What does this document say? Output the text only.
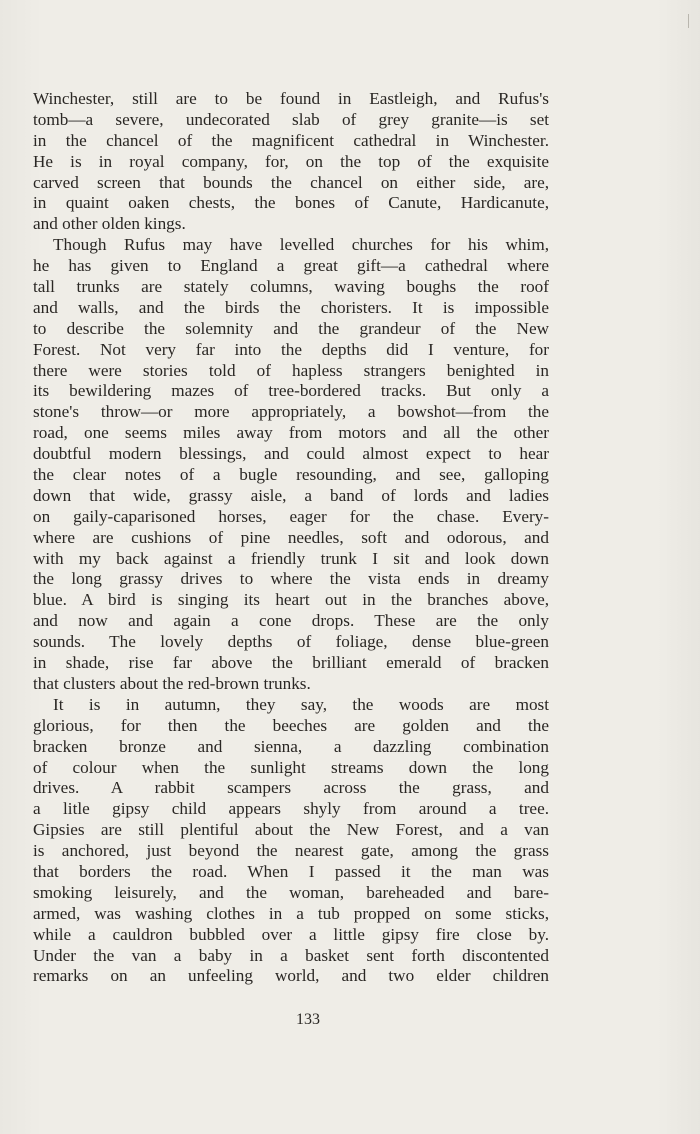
Winchester, still are to be found in Eastleigh, and Rufus's
tomb—a severe, undecorated slab of grey granite—is set
in the chancel of the magnificent cathedral in Winchester.
He is in royal company, for, on the top of the exquisite
carved screen that bounds the chancel on either side, are,
in quaint oaken chests, the bones of Canute, Hardicanute,
and other olden kings.
Though Rufus may have levelled churches for his whim,
he has given to England a great gift—a cathedral where
tall trunks are stately columns, waving boughs the roof
and walls, and the birds the choristers. It is impossible
to describe the solemnity and the grandeur of the New
Forest. Not very far into the depths did I venture, for
there were stories told of hapless strangers benighted in
its bewildering mazes of tree-bordered tracks. But only a
stone's throw—or more appropriately, a bowshot—from the
road, one seems miles away from motors and all the other
doubtful modern blessings, and could almost expect to hear
the clear notes of a bugle resounding, and see, galloping
down that wide, grassy aisle, a band of lords and ladies
on gaily-caparisoned horses, eager for the chase. Every-
where are cushions of pine needles, soft and odorous, and
with my back against a friendly trunk I sit and look down
the long grassy drives to where the vista ends in dreamy
blue. A bird is singing its heart out in the branches above,
and now and again a cone drops. These are the only
sounds. The lovely depths of foliage, dense blue-green
in shade, rise far above the brilliant emerald of bracken
that clusters about the red-brown trunks.
It is in autumn, they say, the woods are most
glorious, for then the beeches are golden and the
bracken bronze and sienna, a dazzling combination
of colour when the sunlight streams down the long
drives. A rabbit scampers across the grass, and
a litle gipsy child appears shyly from around a tree.
Gipsies are still plentiful about the New Forest, and a van
is anchored, just beyond the nearest gate, among the grass
that borders the road. When I passed it the man was
smoking leisurely, and the woman, bareheaded and bare-
armed, was washing clothes in a tub propped on some sticks,
while a cauldron bubbled over a little gipsy fire close by.
Under the van a baby in a basket sent forth discontented
remarks on an unfeeling world, and two elder children
133
